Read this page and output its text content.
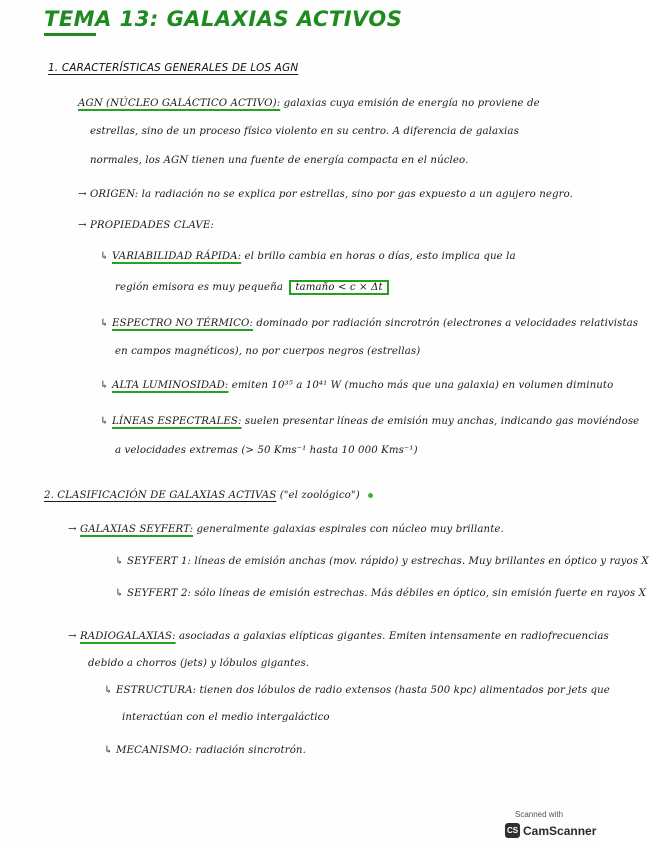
TEMA 13: GALAXIAS ACTIVOS
1. CARACTERÍSTICAS GENERALES DE LOS AGN
AGN (NÚCLEO GALÁCTICO ACTIVO): galaxias cuya emisión de energía no proviene de
estrellas, sino de un proceso físico violento en su centro. A diferencia de galaxias
normales, los AGN tienen una fuente de energía compacta en el núcleo.
→ ORIGEN: la radiación no se explica por estrellas, sino por gas expuesto a un agujero negro.
→ PROPIEDADES CLAVE:
↳ VARIABILIDAD RÁPIDA: el brillo cambia en horas o días, esto implica que la
región emisora es muy pequeña tamaño < c × Δt
↳ ESPECTRO NO TÉRMICO: dominado por radiación sincrotrón (electrones a velocidades relativistas
en campos magnéticos), no por cuerpos negros (estrellas)
↳ ALTA LUMINOSIDAD: emiten 10³⁵ a 10⁴¹ W (mucho más que una galaxia) en volumen diminuto
↳ LÍNEAS ESPECTRALES: suelen presentar líneas de emisión muy anchas, indicando gas moviéndose
a velocidades extremas (> 50 Kms⁻¹ hasta 10 000 Kms⁻¹)
2. CLASIFICACIÓN DE GALAXIAS ACTIVAS ("el zoológico")
→ GALAXIAS SEYFERT: generalmente galaxias espirales con núcleo muy brillante.
↳ SEYFERT 1: líneas de emisión anchas (mov. rápido) y estrechas. Muy brillantes en óptico y rayos X
↳ SEYFERT 2: sólo líneas de emisión estrechas. Más débiles en óptico, sin emisión fuerte en rayos X
→ RADIOGALAXIAS: asociadas a galaxias elípticas gigantes. Emiten intensamente en radiofrecuencias
debido a chorros (jets) y lóbulos gigantes.
↳ ESTRUCTURA: tienen dos lóbulos de radio extensos (hasta 500 kpc) alimentados por jets que
interactúan con el medio intergaláctico
↳ MECANISMO: radiación sincrotrón.
Scanned with
CS CamScanner
